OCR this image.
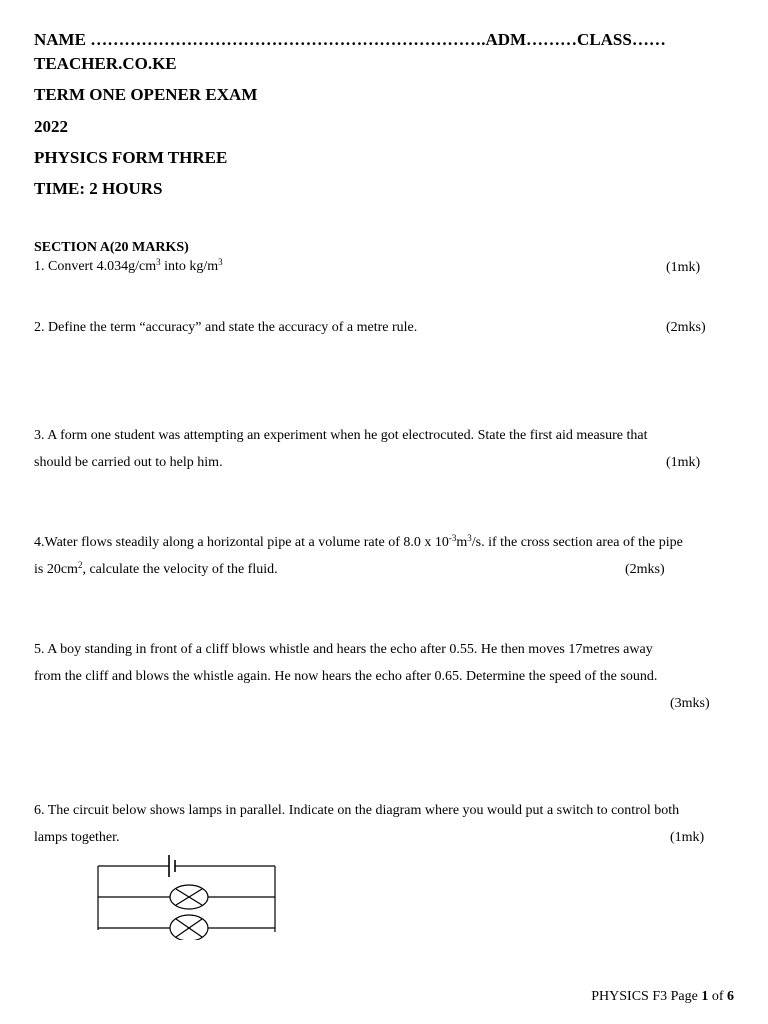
NAME …………………………………………………………….ADM………CLASS……
TEACHER.CO.KE
TERM ONE OPENER EXAM
2022
PHYSICS FORM THREE
TIME: 2 HOURS
SECTION A(20 MARKS)
1. Convert $4.034g/cm^3$ into $kg/m^3$	(1mk)
2. Define the term “accuracy” and state the accuracy of a metre rule.	(2mks)
3. A form one student was attempting an experiment when he got electrocuted. State the first aid measure that
should be carried out to help him.	(1mk)
4.Water flows steadily along a horizontal pipe at a volume rate of 8.0 x $10^{-3}m^3/s$. if the cross section area of the pipe
is $20cm^2$, calculate the velocity of the fluid.	(2mks)
5. A boy standing in front of a cliff blows whistle and hears the echo after 0.55. He then moves 17metres away
from the cliff and blows the whistle again. He now hears the echo after 0.65. Determine the speed of the sound.
(3mks)
6. The circuit below shows lamps in parallel. Indicate on the diagram where you would put a switch to control both
lamps together.	(1mk)
PHYSICS F3 Page 1 of 6
